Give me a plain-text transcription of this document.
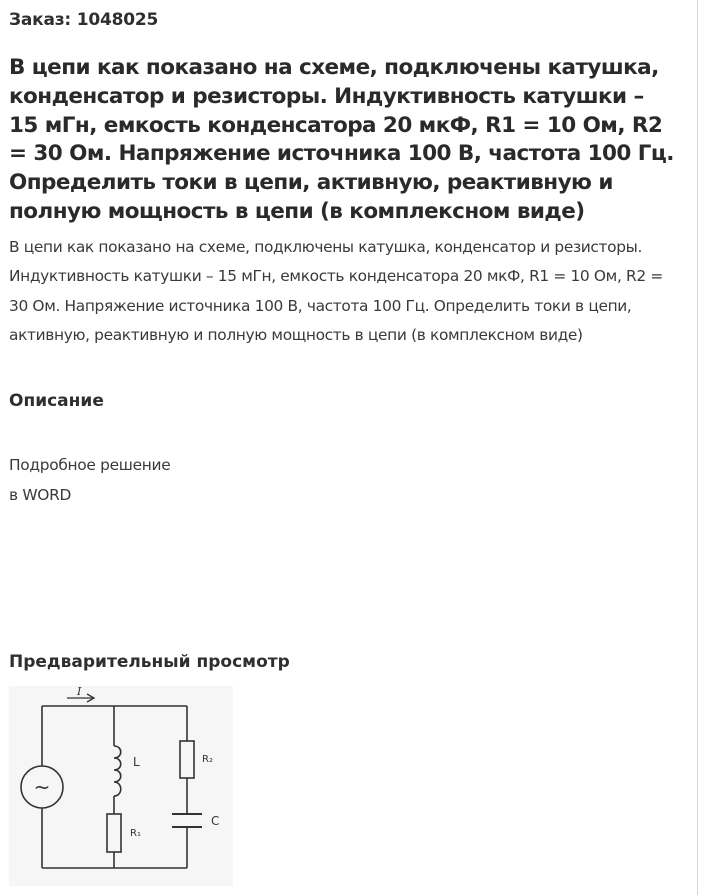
Заказ: 1048025
В цепи как показано на схеме, подключены катушка, конденсатор и резисторы. Индуктивность катушки – 15 мГн, емкость конденсатора 20 мкФ, R1 = 10 Ом, R2 = 30 Ом. Напряжение источника 100 В, частота 100 Гц. Определить токи в цепи, активную, реактивную и полную мощность в цепи (в комплексном виде)
В цепи как показано на схеме, подключены катушка, конденсатор и резисторы. Индуктивность катушки – 15 мГн, емкость конденсатора 20 мкФ, R1 = 10 Ом, R2 = 30 Ом. Напряжение источника 100 В, частота 100 Гц. Определить токи в цепи, активную, реактивную и полную мощность в цепи (в комплексном виде)
Описание
Подробное решение
в WORD
Предварительный просмотр
~
I
L
R₁
R₂
C
